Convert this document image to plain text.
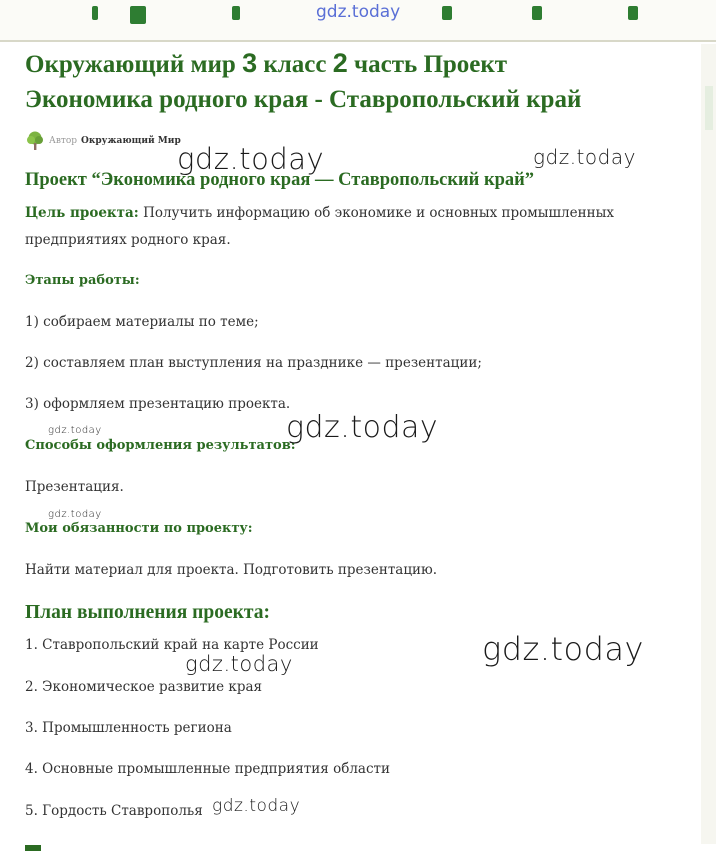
gdz.today
Окружающий мир 3 класс 2 часть Проект
Экономика родного края - Ставропольский край
Автор Окружающий Мир
Проект “Экономика родного края — Ставропольский край”

Цель проекта: Получить информацию об экономике и основных промышленных
предприятиях родного края.

Этапы работы:

1) собираем материалы по теме;

2) составляем план выступления на празднике — презентации;

3) оформляем презентацию проекта.

Способы оформления результатов:

Презентация.

Мои обязанности по проекту:

Найти материал для проекта. Подготовить презентацию.

План выполнения проекта:

1. Ставропольский край на карте России

2. Экономическое развитие края

3. Промышленность региона

4. Основные промышленные предприятия области

5. Гордость Ставрополья

gdz.today	gdz.today
gdz.today
gdz.today
gdz.today
gdz.today
gdz.today
gdz.today
